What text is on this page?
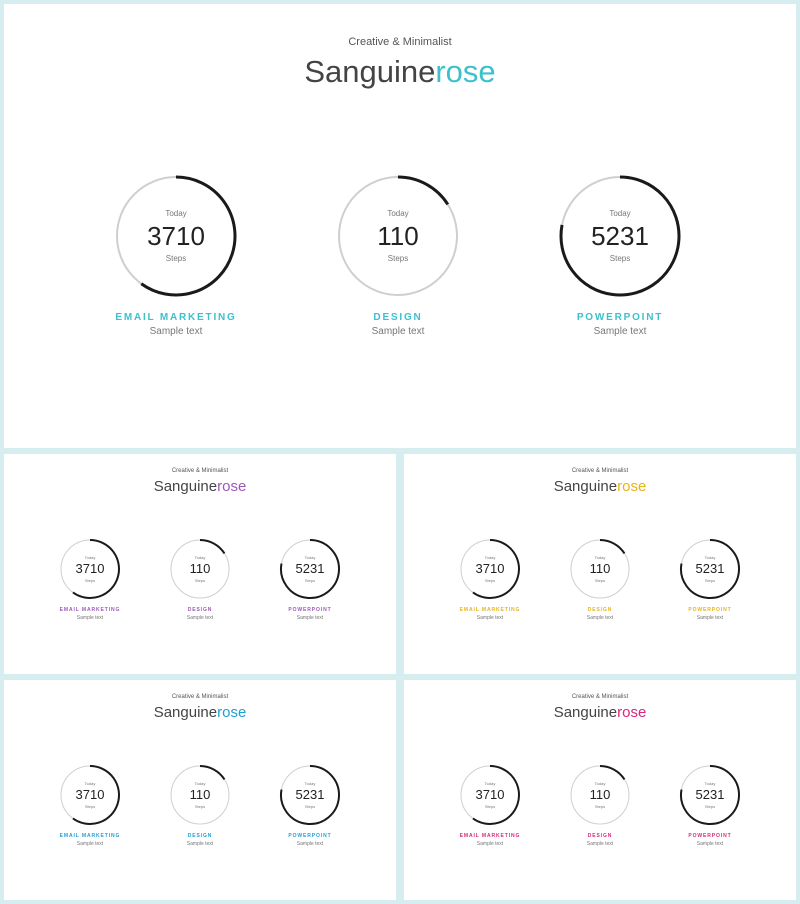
Creative & Minimalist
Sanguinerose
Today
3710
Steps
EMAIL MARKETING
Sample text
Today
110
Steps
DESIGN
Sample text
Today
5231
Steps
POWERPOINT
Sample text
Creative & Minimalist
Sanguinerose
Today
3710
Steps
EMAIL MARKETING
Sample text
Today
110
Steps
DESIGN
Sample text
Today
5231
Steps
POWERPOINT
Sample text
Creative & Minimalist
Sanguinerose
Today
3710
Steps
EMAIL MARKETING
Sample text
Today
110
Steps
DESIGN
Sample text
Today
5231
Steps
POWERPOINT
Sample text
Creative & Minimalist
Sanguinerose
Today
3710
Steps
EMAIL MARKETING
Sample text
Today
110
Steps
DESIGN
Sample text
Today
5231
Steps
POWERPOINT
Sample text
Creative & Minimalist
Sanguinerose
Today
3710
Steps
EMAIL MARKETING
Sample text
Today
110
Steps
DESIGN
Sample text
Today
5231
Steps
POWERPOINT
Sample text
